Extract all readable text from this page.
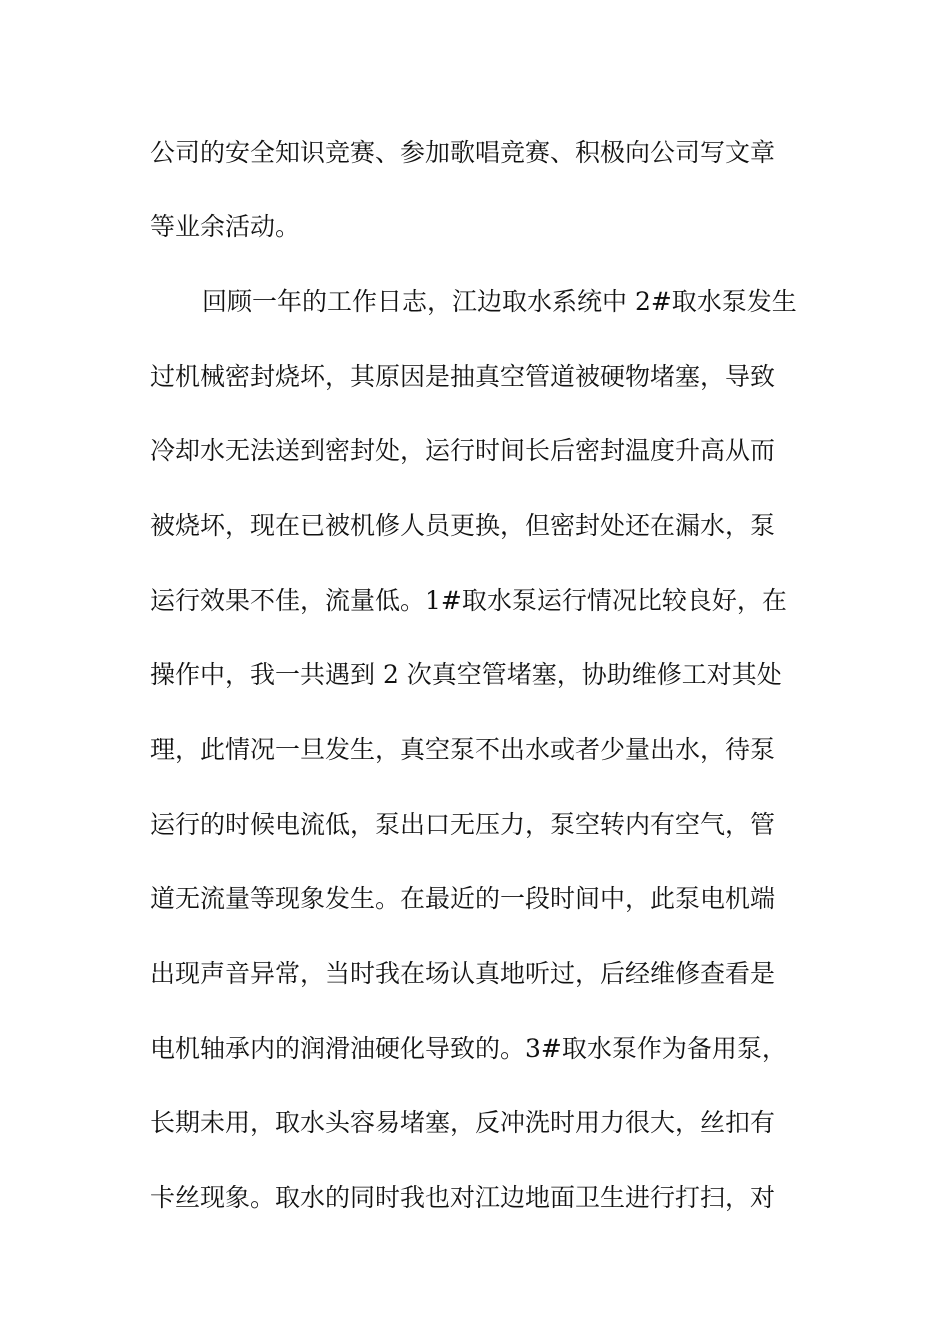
公司的安全知识竞赛、参加歌唱竞赛、积极向公司写文章
等业余活动。
回顾一年的工作日志，江边取水系统中 2#取水泵发生
过机械密封烧坏，其原因是抽真空管道被硬物堵塞，导致
冷却水无法送到密封处，运行时间长后密封温度升高从而
被烧坏，现在已被机修人员更换，但密封处还在漏水，泵
运行效果不佳，流量低。1#取水泵运行情况比较良好，在
操作中，我一共遇到 2 次真空管堵塞，协助维修工对其处
理，此情况一旦发生，真空泵不出水或者少量出水，待泵
运行的时候电流低，泵出口无压力，泵空转内有空气，管
道无流量等现象发生。在最近的一段时间中，此泵电机端
出现声音异常，当时我在场认真地听过，后经维修查看是
电机轴承内的润滑油硬化导致的。3#取水泵作为备用泵，
长期未用，取水头容易堵塞，反冲洗时用力很大，丝扣有
卡丝现象。取水的同时我也对江边地面卫生进行打扫，对
